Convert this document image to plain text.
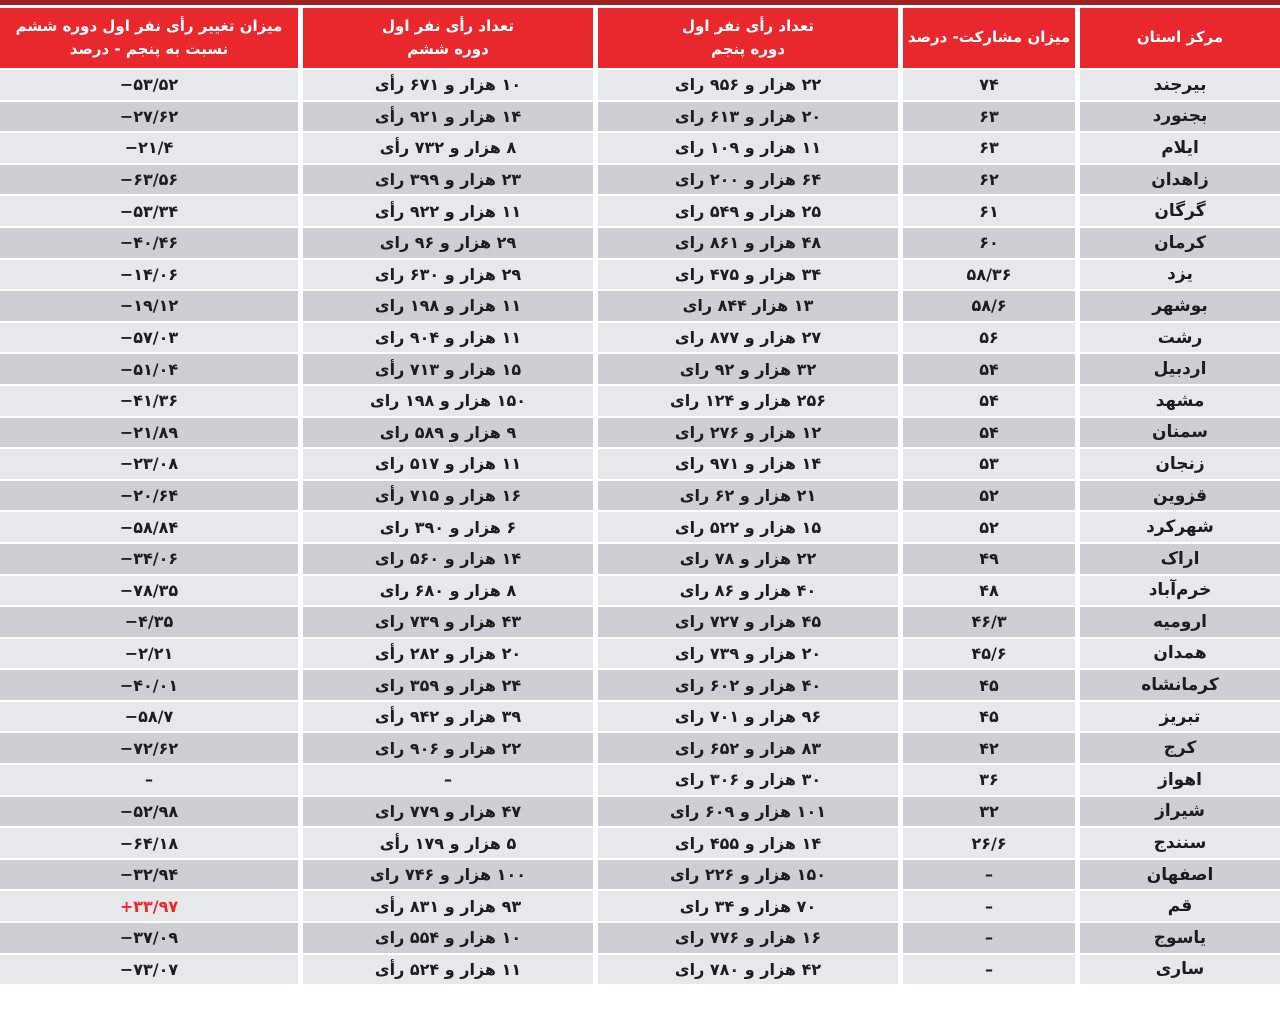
مرکز استان
میزان مشارکت- درصد
تعداد رأی نفر اول
دوره پنجم
تعداد رأی نفر اول
دوره ششم
میزان تغییر رأی نفر اول دوره ششم
نسبت به پنجم - درصد
بیرجند
۷۴
۲۲ هزار و ۹۵۶ رای
۱۰ هزار و ۶۷۱ رأی
−۵۳/۵۲
بجنورد
۶۳
۲۰ هزار و ۶۱۳ رای
۱۴ هزار و ۹۲۱ رأی
−۲۷/۶۲
ایلام
۶۳
۱۱ هزار و ۱۰۹ رای
۸ هزار و ۷۳۲ رأی
−۲۱/۴
زاهدان
۶۲
۶۴ هزار و ۲۰۰ رای
۲۳ هزار و ۳۹۹ رای
−۶۳/۵۶
گرگان
۶۱
۲۵ هزار و ۵۴۹ رای
۱۱ هزار و ۹۲۲ رأی
−۵۳/۳۴
کرمان
۶۰
۴۸ هزار و ۸۶۱ رای
۲۹ هزار و ۹۶ رای
−۴۰/۴۶
یزد
۵۸/۳۶
۳۴ هزار و ۴۷۵ رای
۲۹ هزار و ۶۳۰ رای
−۱۴/۰۶
بوشهر
۵۸/۶
۱۳ هزار ۸۴۴ رای
۱۱ هزار و ۱۹۸ رای
−۱۹/۱۲
رشت
۵۶
۲۷ هزار و ۸۷۷ رای
۱۱ هزار و ۹۰۴ رای
−۵۷/۰۳
اردبیل
۵۴
۳۲ هزار و ۹۲ رای
۱۵ هزار و ۷۱۳ رأی
−۵۱/۰۴
مشهد
۵۴
۲۵۶ هزار و ۱۲۴ رای
۱۵۰ هزار و ۱۹۸ رای
−۴۱/۳۶
سمنان
۵۴
۱۲ هزار و ۲۷۶ رای
۹ هزار و ۵۸۹ رای
−۲۱/۸۹
زنجان
۵۳
۱۴ هزار و ۹۷۱ رای
۱۱ هزار و ۵۱۷ رای
−۲۳/۰۸
قزوین
۵۲
۲۱ هزار و ۶۲ رای
۱۶ هزار و ۷۱۵ رأی
−۲۰/۶۴
شهرکرد
۵۲
۱۵ هزار و ۵۲۲ رای
۶ هزار و ۳۹۰ رای
−۵۸/۸۴
اراک
۴۹
۲۲ هزار و ۷۸ رای
۱۴ هزار و ۵۶۰ رای
−۳۴/۰۶
خرم‌آباد
۴۸
۴۰ هزار و ۸۶ رای
۸ هزار و ۶۸۰ رای
−۷۸/۳۵
ارومیه
۴۶/۳
۴۵ هزار و ۷۲۷ رای
۴۳ هزار و ۷۳۹ رای
−۴/۳۵
همدان
۴۵/۶
۲۰ هزار و ۷۳۹ رای
۲۰ هزار و ۲۸۲ رأی
−۲/۲۱
کرمانشاه
۴۵
۴۰ هزار و ۶۰۲ رای
۲۴ هزار و ۳۵۹ رای
−۴۰/۰۱
تبریز
۴۵
۹۶ هزار و ۷۰۱ رای
۳۹ هزار و ۹۴۲ رأی
−۵۸/۷
کرج
۴۲
۸۳ هزار و ۶۵۲ رای
۲۲ هزار و ۹۰۶ رای
−۷۲/۶۲
اهواز
۳۶
۳۰ هزار و ۳۰۶ رای
–
–
شیراز
۳۲
۱۰۱ هزار و ۶۰۹ رای
۴۷ هزار و ۷۷۹ رای
−۵۲/۹۸
سنندج
۲۶/۶
۱۴ هزار و ۴۵۵ رای
۵ هزار و ۱۷۹ رأی
−۶۴/۱۸
اصفهان
–
۱۵۰ هزار و ۲۲۶ رای
۱۰۰ هزار و ۷۴۶ رای
−۳۲/۹۴
قم
–
۷۰ هزار و ۳۴ رای
۹۳ هزار و ۸۳۱ رأی
+۳۳/۹۷
یاسوج
–
۱۶ هزار و ۷۷۶ رای
۱۰ هزار و ۵۵۴ رای
−۳۷/۰۹
ساری
–
۴۲ هزار و ۷۸۰ رای
۱۱ هزار و ۵۲۴ رأی
−۷۳/۰۷
